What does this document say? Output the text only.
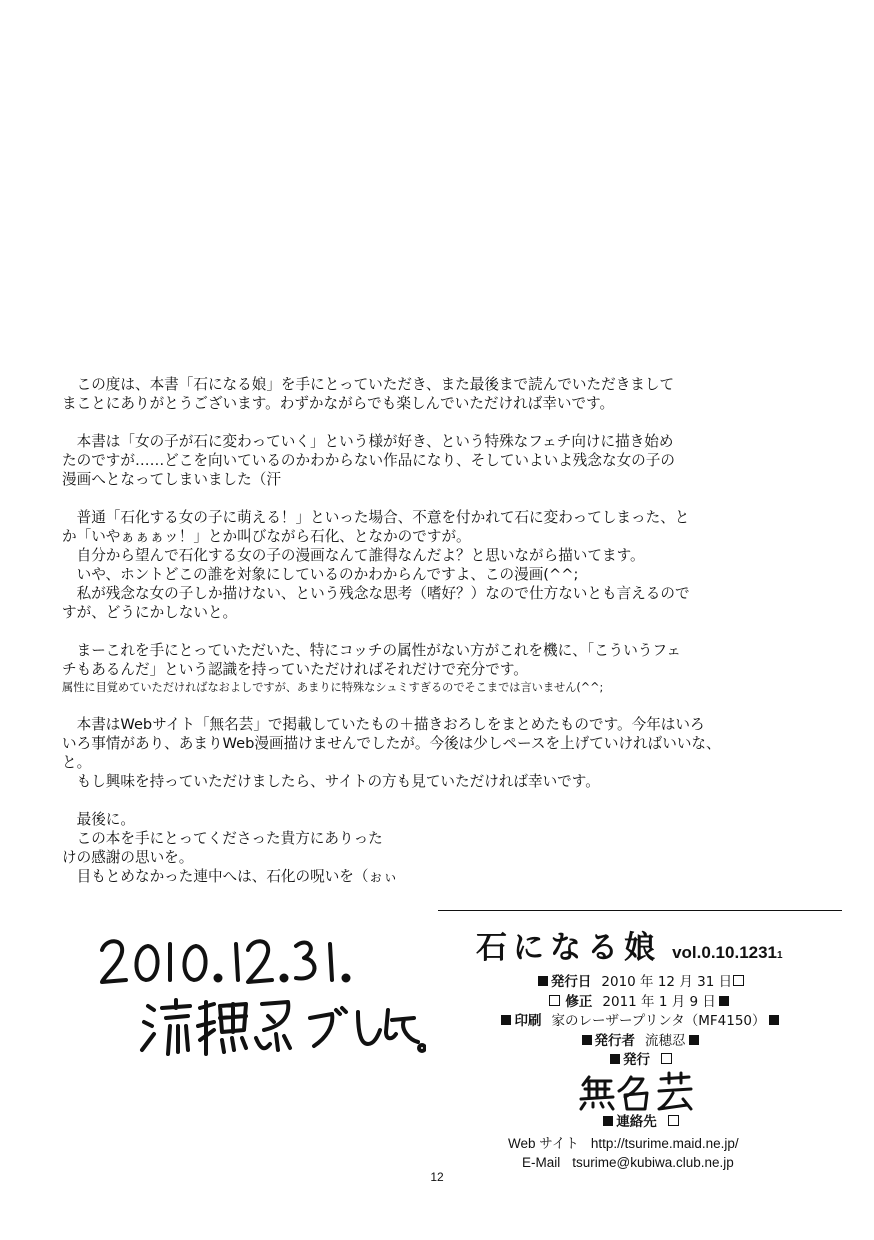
　この度は、本書「石になる娘」を手にとっていただき、また最後まで読んでいただきまして
まことにありがとうございます。わずかながらでも楽しんでいただければ幸いです。
　本書は「女の子が石に変わっていく」という様が好き、という特殊なフェチ向けに描き始め
たのですが……どこを向いているのかわからない作品になり、そしていよいよ残念な女の子の
漫画へとなってしまいました（汗
　普通「石化する女の子に萌える！」といった場合、不意を付かれて石に変わってしまった、と
か「いやぁぁぁッ！」とか叫びながら石化、となかのですが。
　自分から望んで石化する女の子の漫画なんて誰得なんだよ？と思いながら描いてます。
　いや、ホントどこの誰を対象にしているのかわからんですよ、この漫画(^^;
　私が残念な女の子しか描けない、という残念な思考（嗜好？）なので仕方ないとも言えるので
すが、どうにかしないと。
　まーこれを手にとっていただいた、特にコッチの属性がない方がこれを機に、「こういうフェ
チもあるんだ」という認識を持っていただければそれだけで充分です。
属性に目覚めていただければなおよしですが、あまりに特殊なシュミすぎるのでそこまでは言いません(^^;
　本書はWebサイト「無名芸」で掲載していたもの＋描きおろしをまとめたものです。今年はいろ
いろ事情があり、あまりWeb漫画描けませんでしたが。今後は少しペースを上げていければいいな、
と。
　もし興味を持っていただけましたら、サイトの方も見ていただければ幸いです。
　最後に。
　この本を手にとってくださった貴方にありった
けの感謝の思いを。
　目もとめなかった連中へは、石化の呪いを（ぉぃ
石になる娘 vol.0.10.12311
発行日 2010 年 12 月 31 日
修正 2011 年 1 月 9 日
印刷 家のレーザープリンタ（MF4150）
発行者 流穂忍
発行
連絡先
Web サイト http://tsurime.maid.ne.jp/
E-Mail tsurime@kubiwa.club.ne.jp
12
